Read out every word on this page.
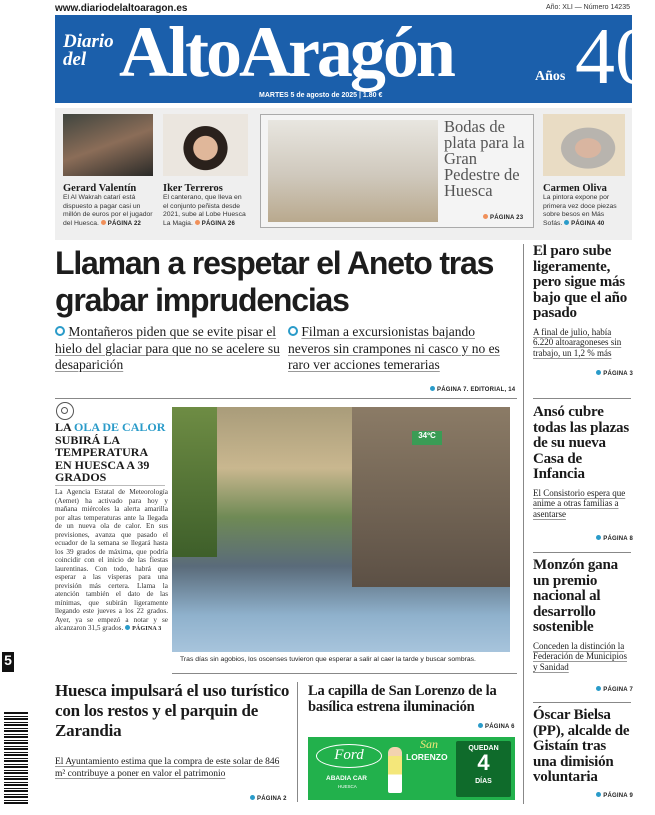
5
www.diariodelaltoaragon.es	Año: XLI — Número 14235
Diario
del AltoAragón	Años 40
MARTES 5 de agosto de 2025 | 1.80 €
Gerard Valentín
El Al Wakrah catarí está dispuesto a pagar casi un millón de euros por el jugador del Huesca. PÁGINA 22
Iker Terreros
El canterano, que lleva en el conjunto peñista desde 2021, sube al Lobe Huesca La Magia. PÁGINA 26
Bodas de plata para la Gran Pedestre de Huesca
PÁGINA 23
Carmen Oliva
La pintora expone por primera vez doce piezas sobre besos en Más Sofás. PÁGINA 40
Llaman a respetar el Aneto tras grabar imprudencias
Montañeros piden que se evite pisar el hielo del glaciar para que no se acelere su desaparición
Filman a excursionistas bajando neveros sin crampones ni casco y no es raro ver acciones temerarias
PÁGINA 7. EDITORIAL, 14
LA OLA DE CALOR SUBIRÁ LA TEMPERATURA EN HUESCA A 39 GRADOS
La Agencia Estatal de Meteorología (Aemet) ha activado para hoy y mañana miércoles la alerta amarilla por altas temperaturas ante la llegada de un nueva ola de calor. En sus previsiones, avanza que pasado el ecuador de la semana se llegará hasta los 39 grados de máxima, que podría coincidir con el inicio de las fiestas laurentinas. Con todo, habrá que esperar a las vísperas para una previsión más certera. Llama la atención también el dato de las mínimas, que subirán ligeramente llegando este jueves a los 22 grados. Ayer, ya se empezó a notar y se alcanzaron 31,5 grados. PÁGINA 3
34ºC
Tras días sin agobios, los oscenses tuvieron que esperar a salir al caer la tarde y buscar sombras.
El paro sube ligeramente, pero sigue más bajo que el año pasado
A final de julio, había 6.220 altoaragoneses sin trabajo, un 1,2 % más
PÁGINA 3
Ansó cubre todas las plazas de su nueva Casa de Infancia
El Consistorio espera que anime a otras familias a asentarse
PÁGINA 8
Monzón gana un premio nacional al desarrollo sostenible
Conceden la distinción la Federación de Municipios y Sanidad
PÁGINA 7
Óscar Bielsa (PP), alcalde de Gistaín tras una dimisión voluntaria
PÁGINA 9
Huesca impulsará el uso turístico con los restos y el parquin de Zarandia
El Ayuntamiento estima que la compra de este solar de 846 m² contribuye a poner en valor el patrimonio
PÁGINA 2
La capilla de San Lorenzo de la basílica estrena iluminación
PÁGINA 6
Ford
ABADIA CAR
HUESCA
San
LORENZO
QUEDAN
4
DÍAS
